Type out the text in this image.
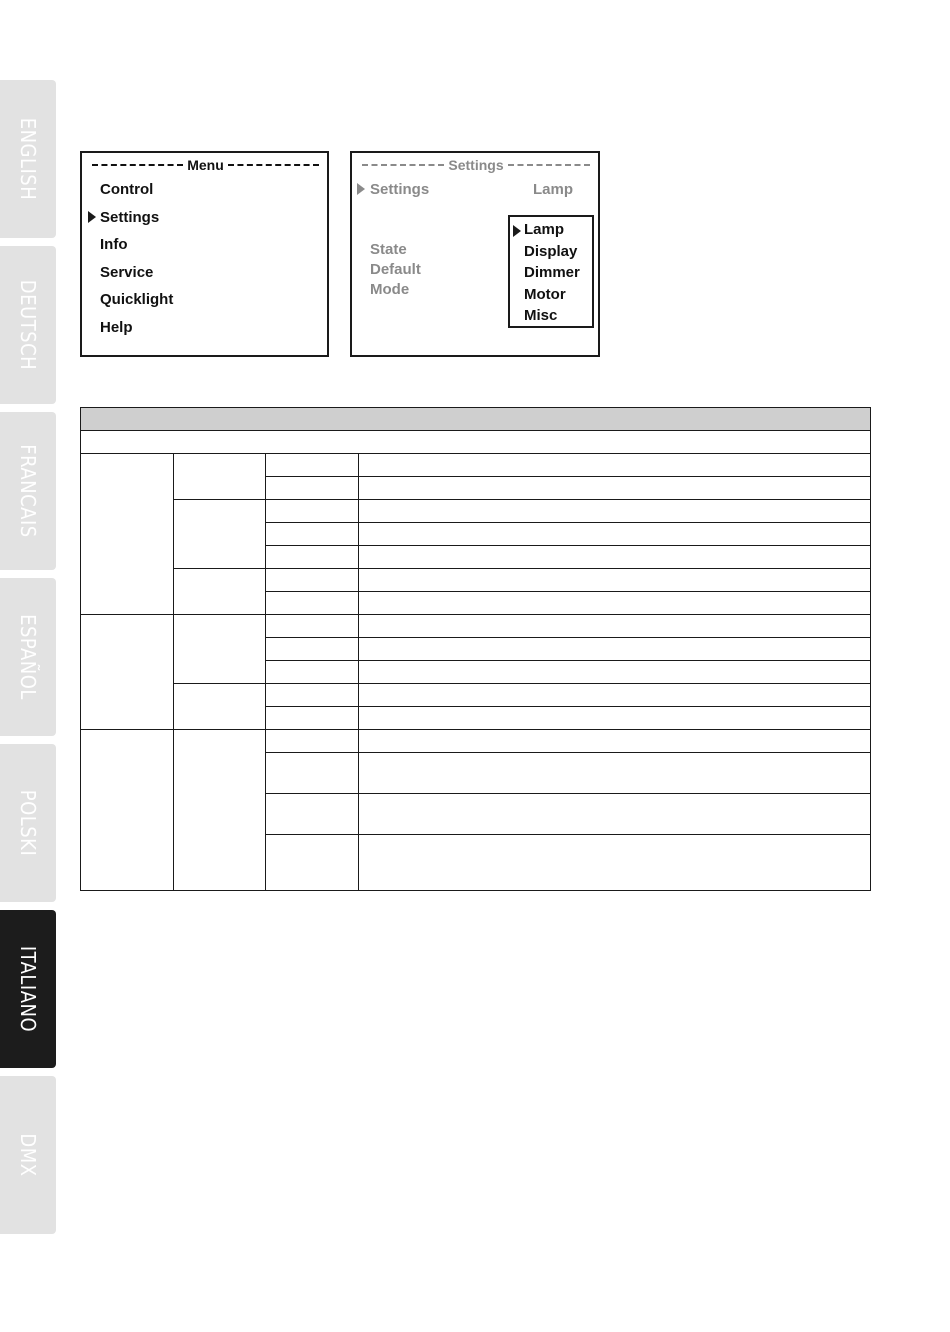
ENGLISH
DEUTSCH
FRANCAIS
ESPAÑOL
POLSKI
ITALIANO
DMX
Menu
Control
Settings
Info
Service
Quicklight
Help
Settings
Settings	Lamp
State
Default
Mode
Lamp
Display
Dimmer
Motor
Misc
